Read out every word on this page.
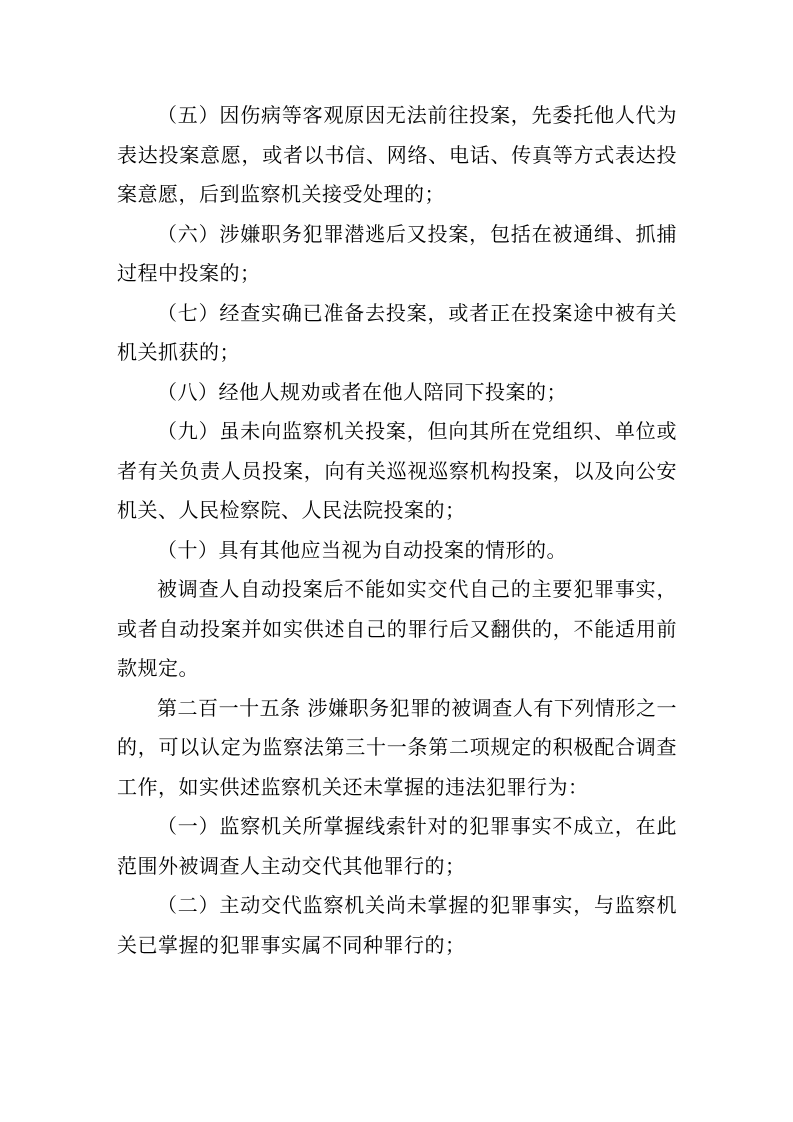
（五）因伤病等客观原因无法前往投案，先委托他人代为表达投案意愿，或者以书信、网络、电话、传真等方式表达投案意愿，后到监察机关接受处理的；

（六）涉嫌职务犯罪潜逃后又投案，包括在被通缉、抓捕过程中投案的；

（七）经查实确已准备去投案，或者正在投案途中被有关机关抓获的；

（八）经他人规劝或者在他人陪同下投案的；

（九）虽未向监察机关投案，但向其所在党组织、单位或者有关负责人员投案，向有关巡视巡察机构投案，以及向公安机关、人民检察院、人民法院投案的；

（十）具有其他应当视为自动投案的情形的。

被调查人自动投案后不能如实交代自己的主要犯罪事实，或者自动投案并如实供述自己的罪行后又翻供的，不能适用前款规定。

第二百一十五条 涉嫌职务犯罪的被调查人有下列情形之一的，可以认定为监察法第三十一条第二项规定的积极配合调查工作，如实供述监察机关还未掌握的违法犯罪行为：

（一）监察机关所掌握线索针对的犯罪事实不成立，在此范围外被调查人主动交代其他罪行的；

（二）主动交代监察机关尚未掌握的犯罪事实，与监察机关已掌握的犯罪事实属不同种罪行的；
